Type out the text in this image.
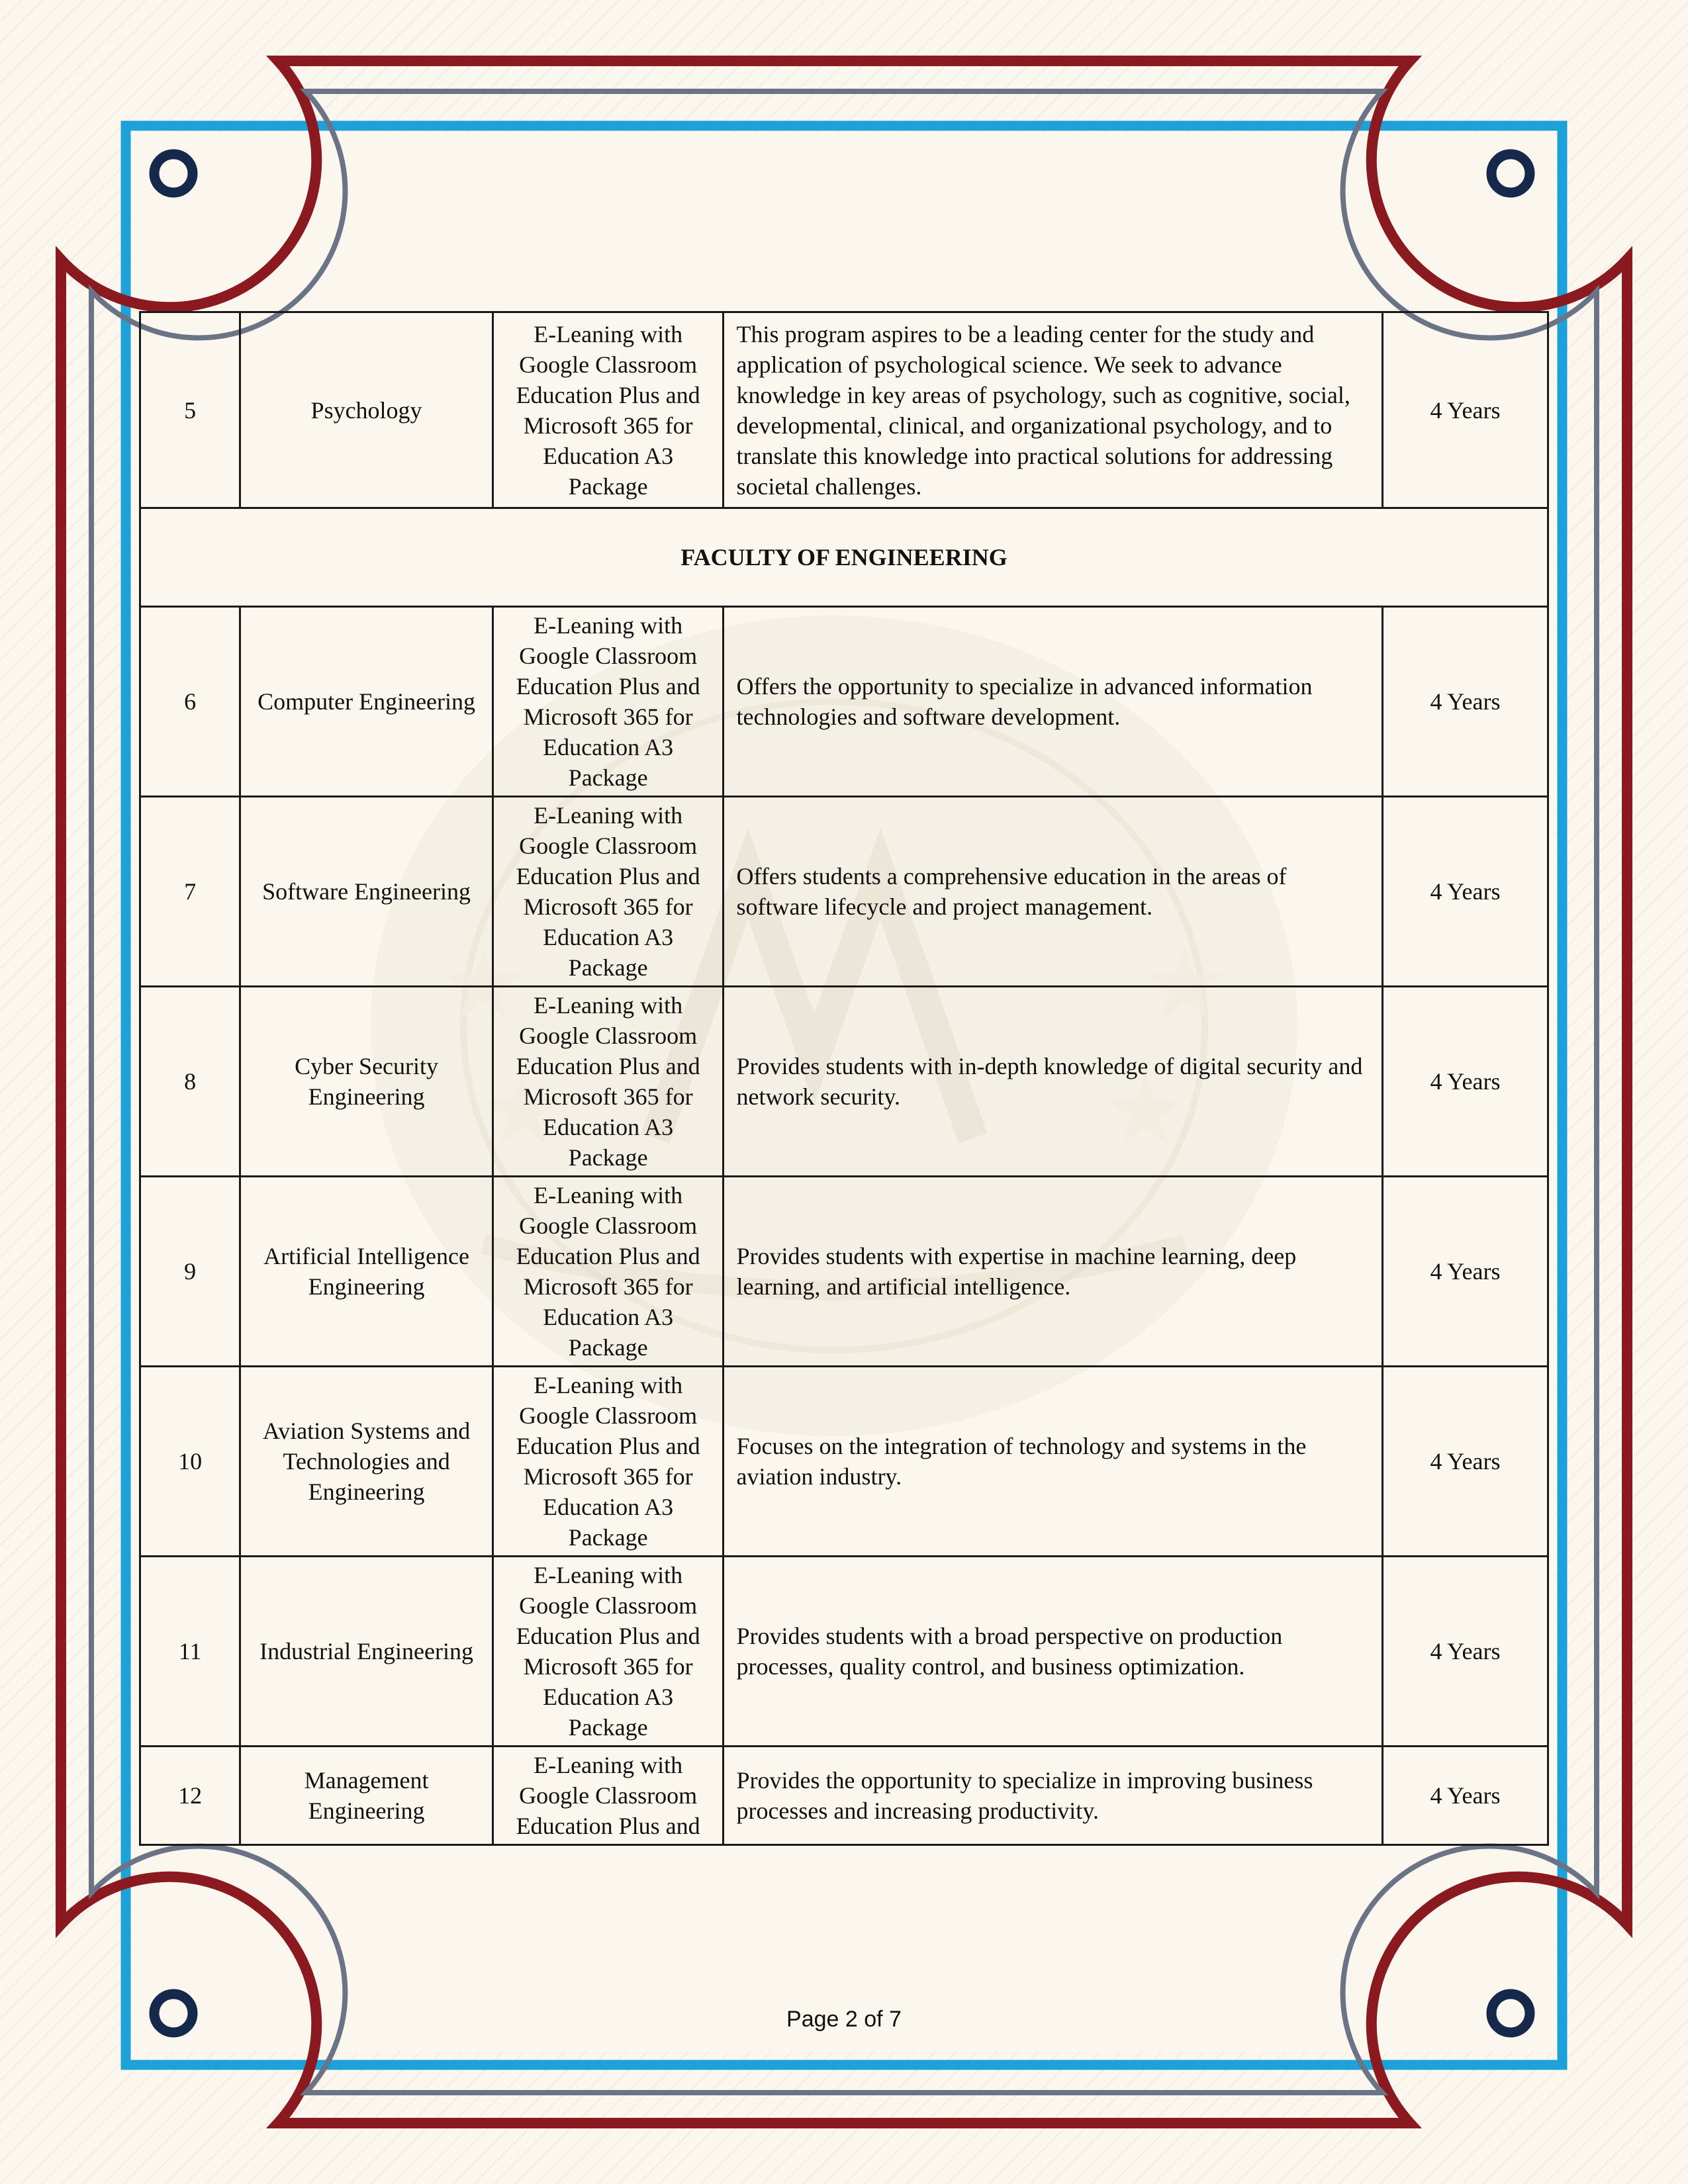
5	Psychology	E-Leaning with Google Classroom Education Plus and Microsoft 365 for Education A3 Package	This program aspires to be a leading center for the study and application of psychological science. We seek to advance knowledge in key areas of psychology, such as cognitive, social, developmental, clinical, and organizational psychology, and to translate this knowledge into practical solutions for addressing societal challenges.	4 Years
FACULTY OF ENGINEERING				
6	Computer Engineering	E-Leaning with Google Classroom Education Plus and Microsoft 365 for Education A3 Package	Offers the opportunity to specialize in advanced information technologies and software development.	4 Years
7	Software Engineering	E-Leaning with Google Classroom Education Plus and Microsoft 365 for Education A3 Package	Offers students a comprehensive education in the areas of software lifecycle and project management.	4 Years
8	Cyber Security Engineering	E-Leaning with Google Classroom Education Plus and Microsoft 365 for Education A3 Package	Provides students with in-depth knowledge of digital security and network security.	4 Years
9	Artificial Intelligence Engineering	E-Leaning with Google Classroom Education Plus and Microsoft 365 for Education A3 Package	Provides students with expertise in machine learning, deep learning, and artificial intelligence.	4 Years
10	Aviation Systems and Technologies and Engineering	E-Leaning with Google Classroom Education Plus and Microsoft 365 for Education A3 Package	Focuses on the integration of technology and systems in the aviation industry.	4 Years
11	Industrial Engineering	E-Leaning with Google Classroom Education Plus and Microsoft 365 for Education A3 Package	Provides students with a broad perspective on production processes, quality control, and business optimization.	4 Years
12	Management Engineering	E-Leaning with Google Classroom Education Plus and	Provides the opportunity to specialize in improving business processes and increasing productivity.	4 Years
Page 2 of 7
